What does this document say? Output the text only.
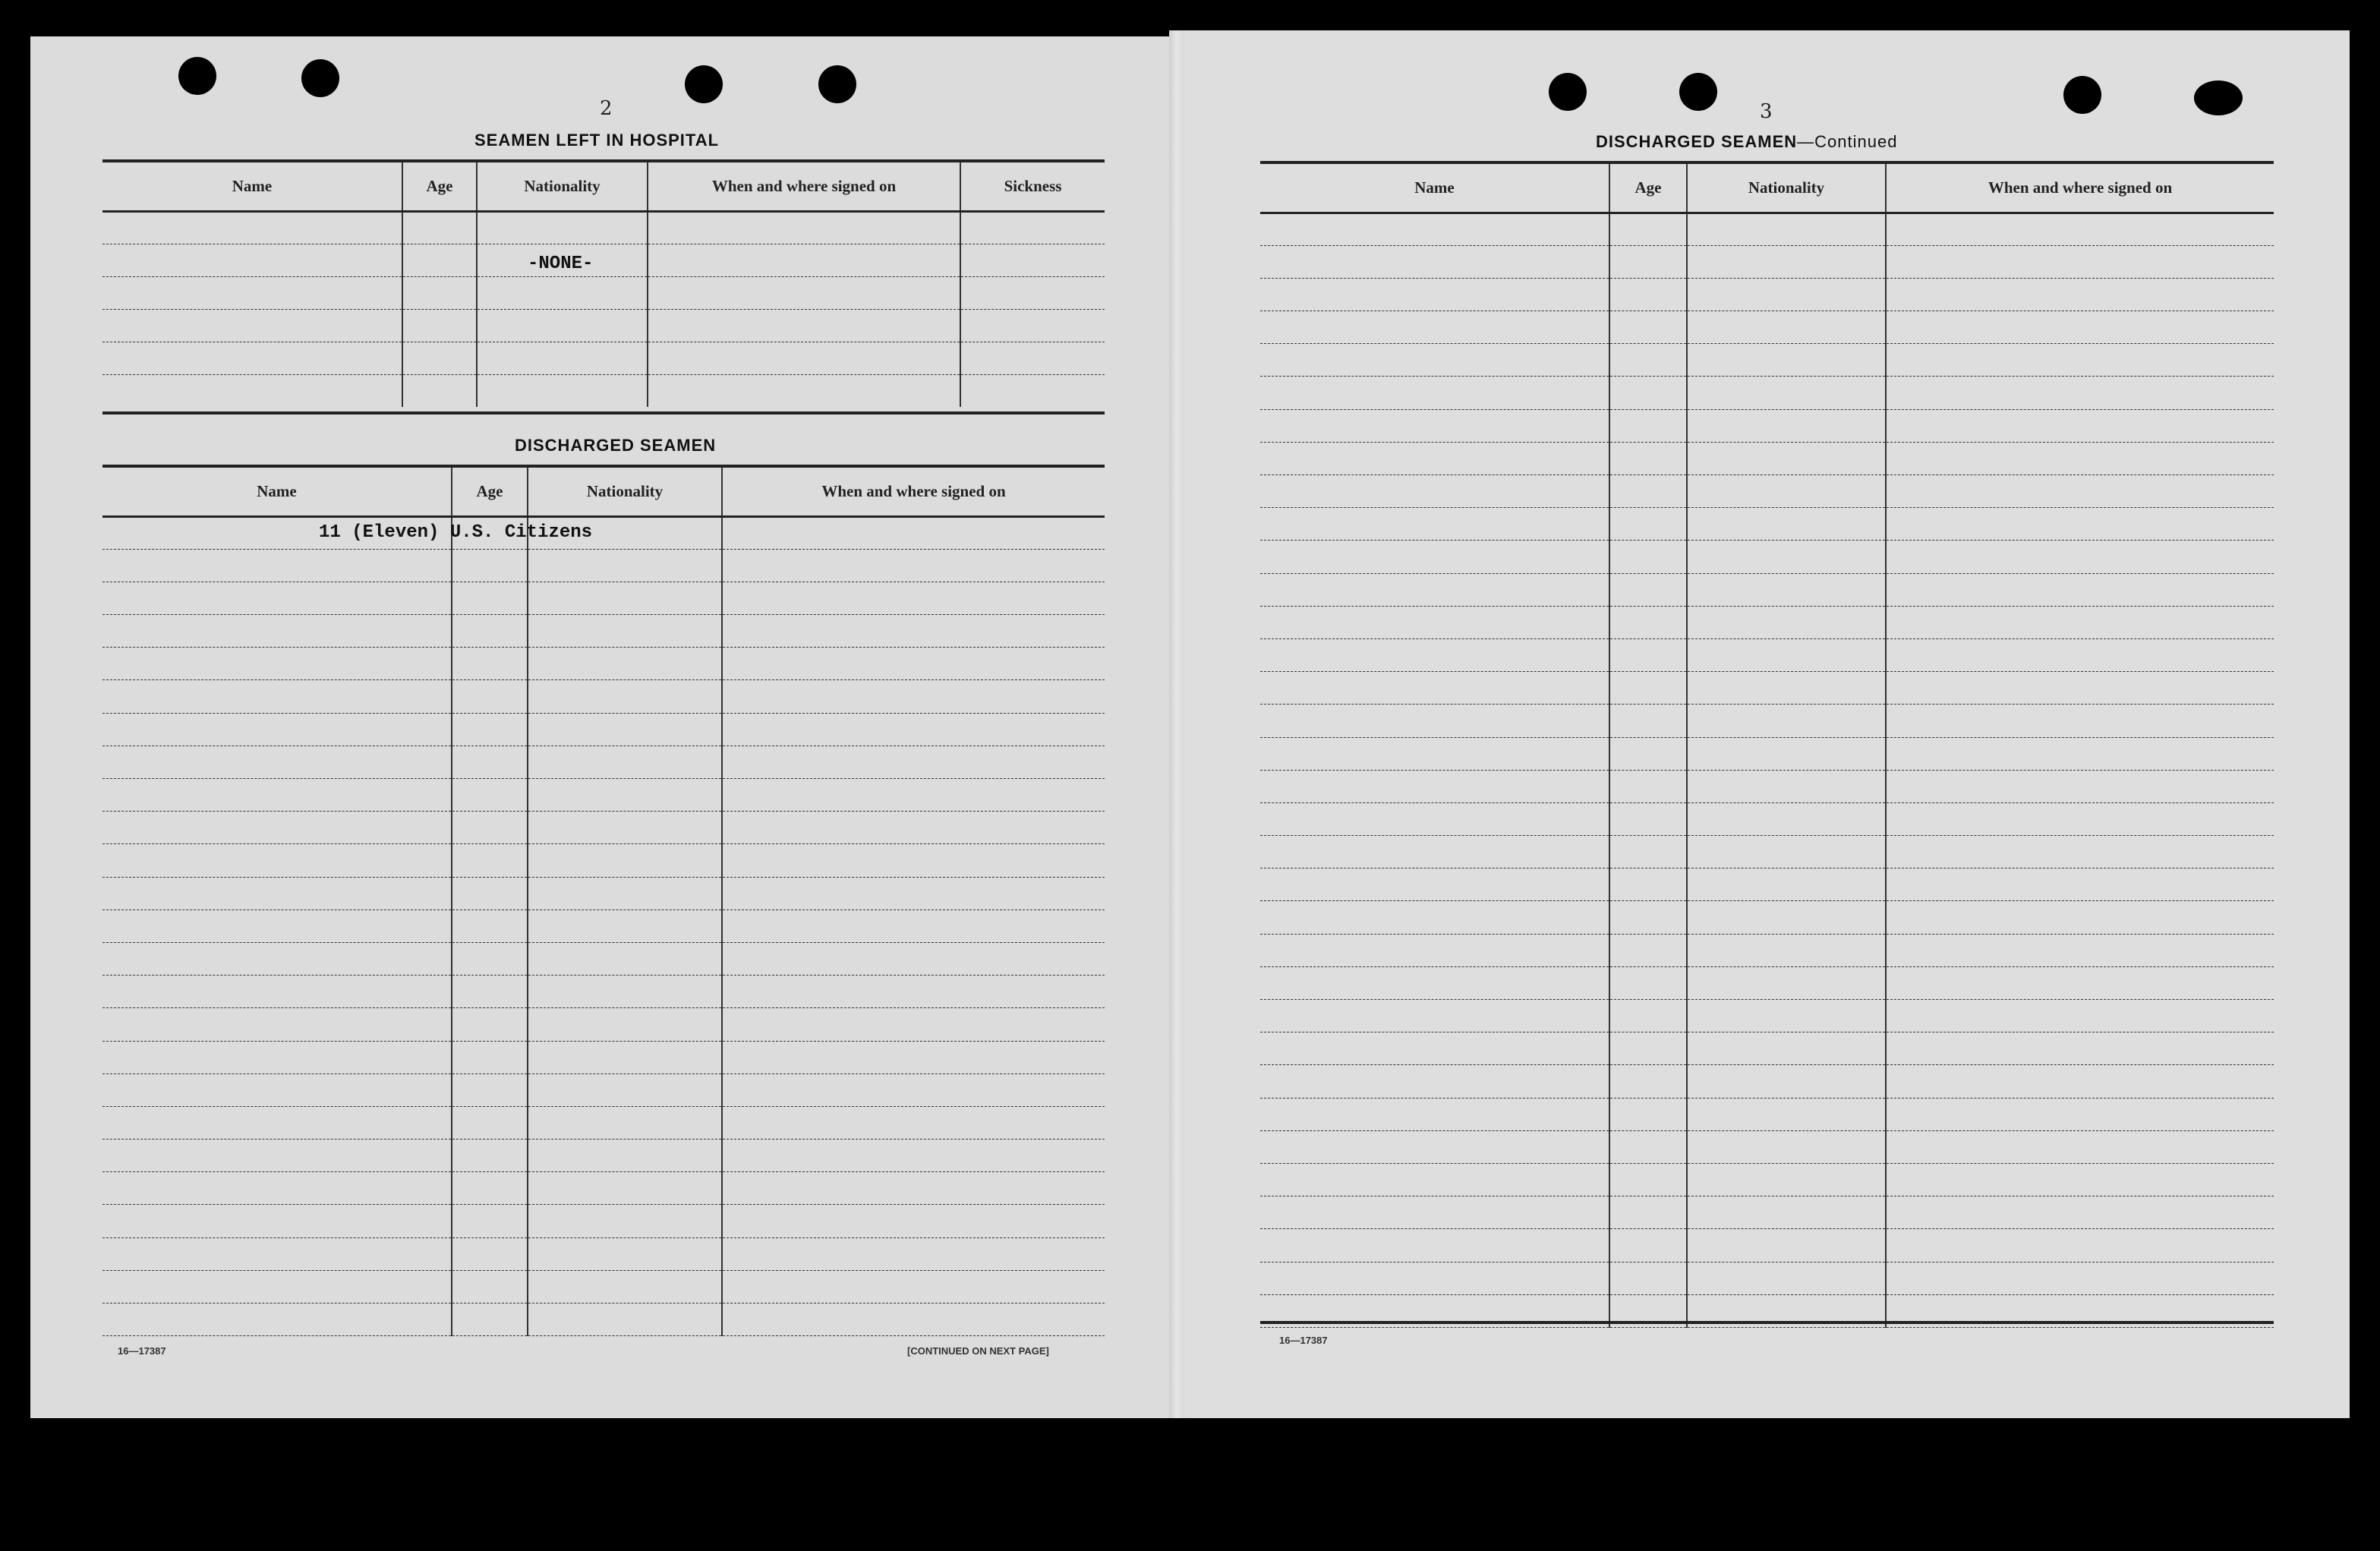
2
SEAMEN LEFT IN HOSPITAL
Name	Age	Nationality	When and where signed on	Sickness

-NONE-
DISCHARGED SEAMEN
Name	Age	Nationality	When and where signed on

11 (Eleven) U.S. Citizens
16—17387	[CONTINUED ON NEXT PAGE]
3
DISCHARGED SEAMEN—Continued
Name	Age	Nationality	When and where signed on

16—17387
